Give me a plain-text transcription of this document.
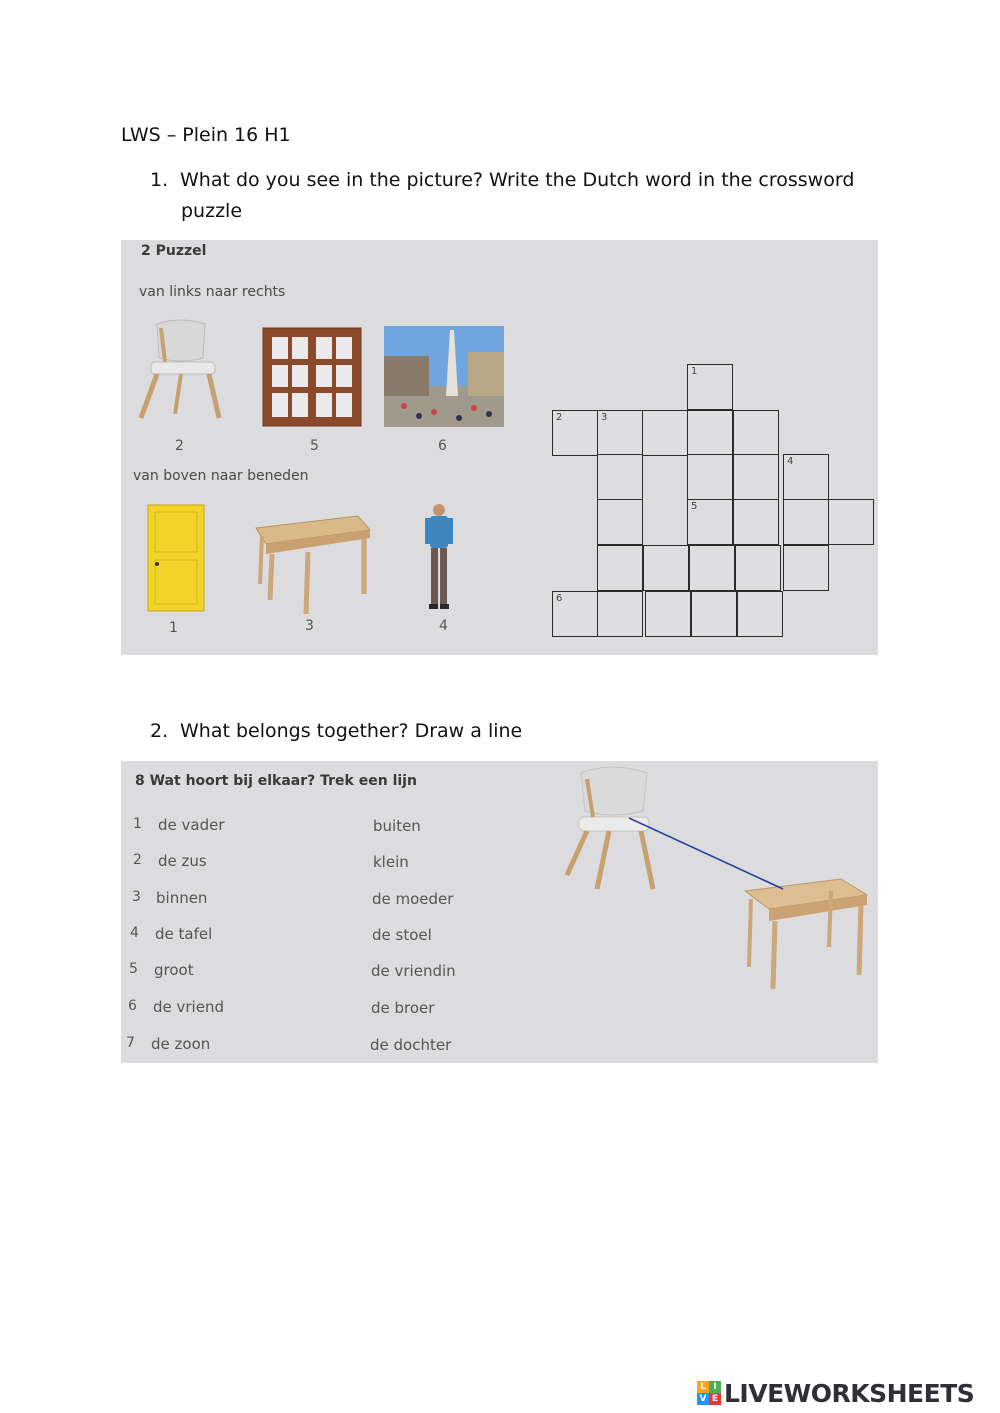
LWS – Plein 16 H1
1. What do you see in the picture? Write the Dutch word in the crossword
puzzle
2 Puzzel
van links naar rechts
2	5	6
van boven naar beneden
1	3	4
1
5
2	3
4
6
2. What belongs together? Draw a line
8 Wat hoort bij elkaar? Trek een lijn
1 de vader	buiten
2 de zus	klein
3 binnen	de moeder
4 de tafel	de stoel
5 groot	de vriendin
6 de vriend	de broer
7 de zoon	de dochter
L I
V E LIVEWORKSHEETS
